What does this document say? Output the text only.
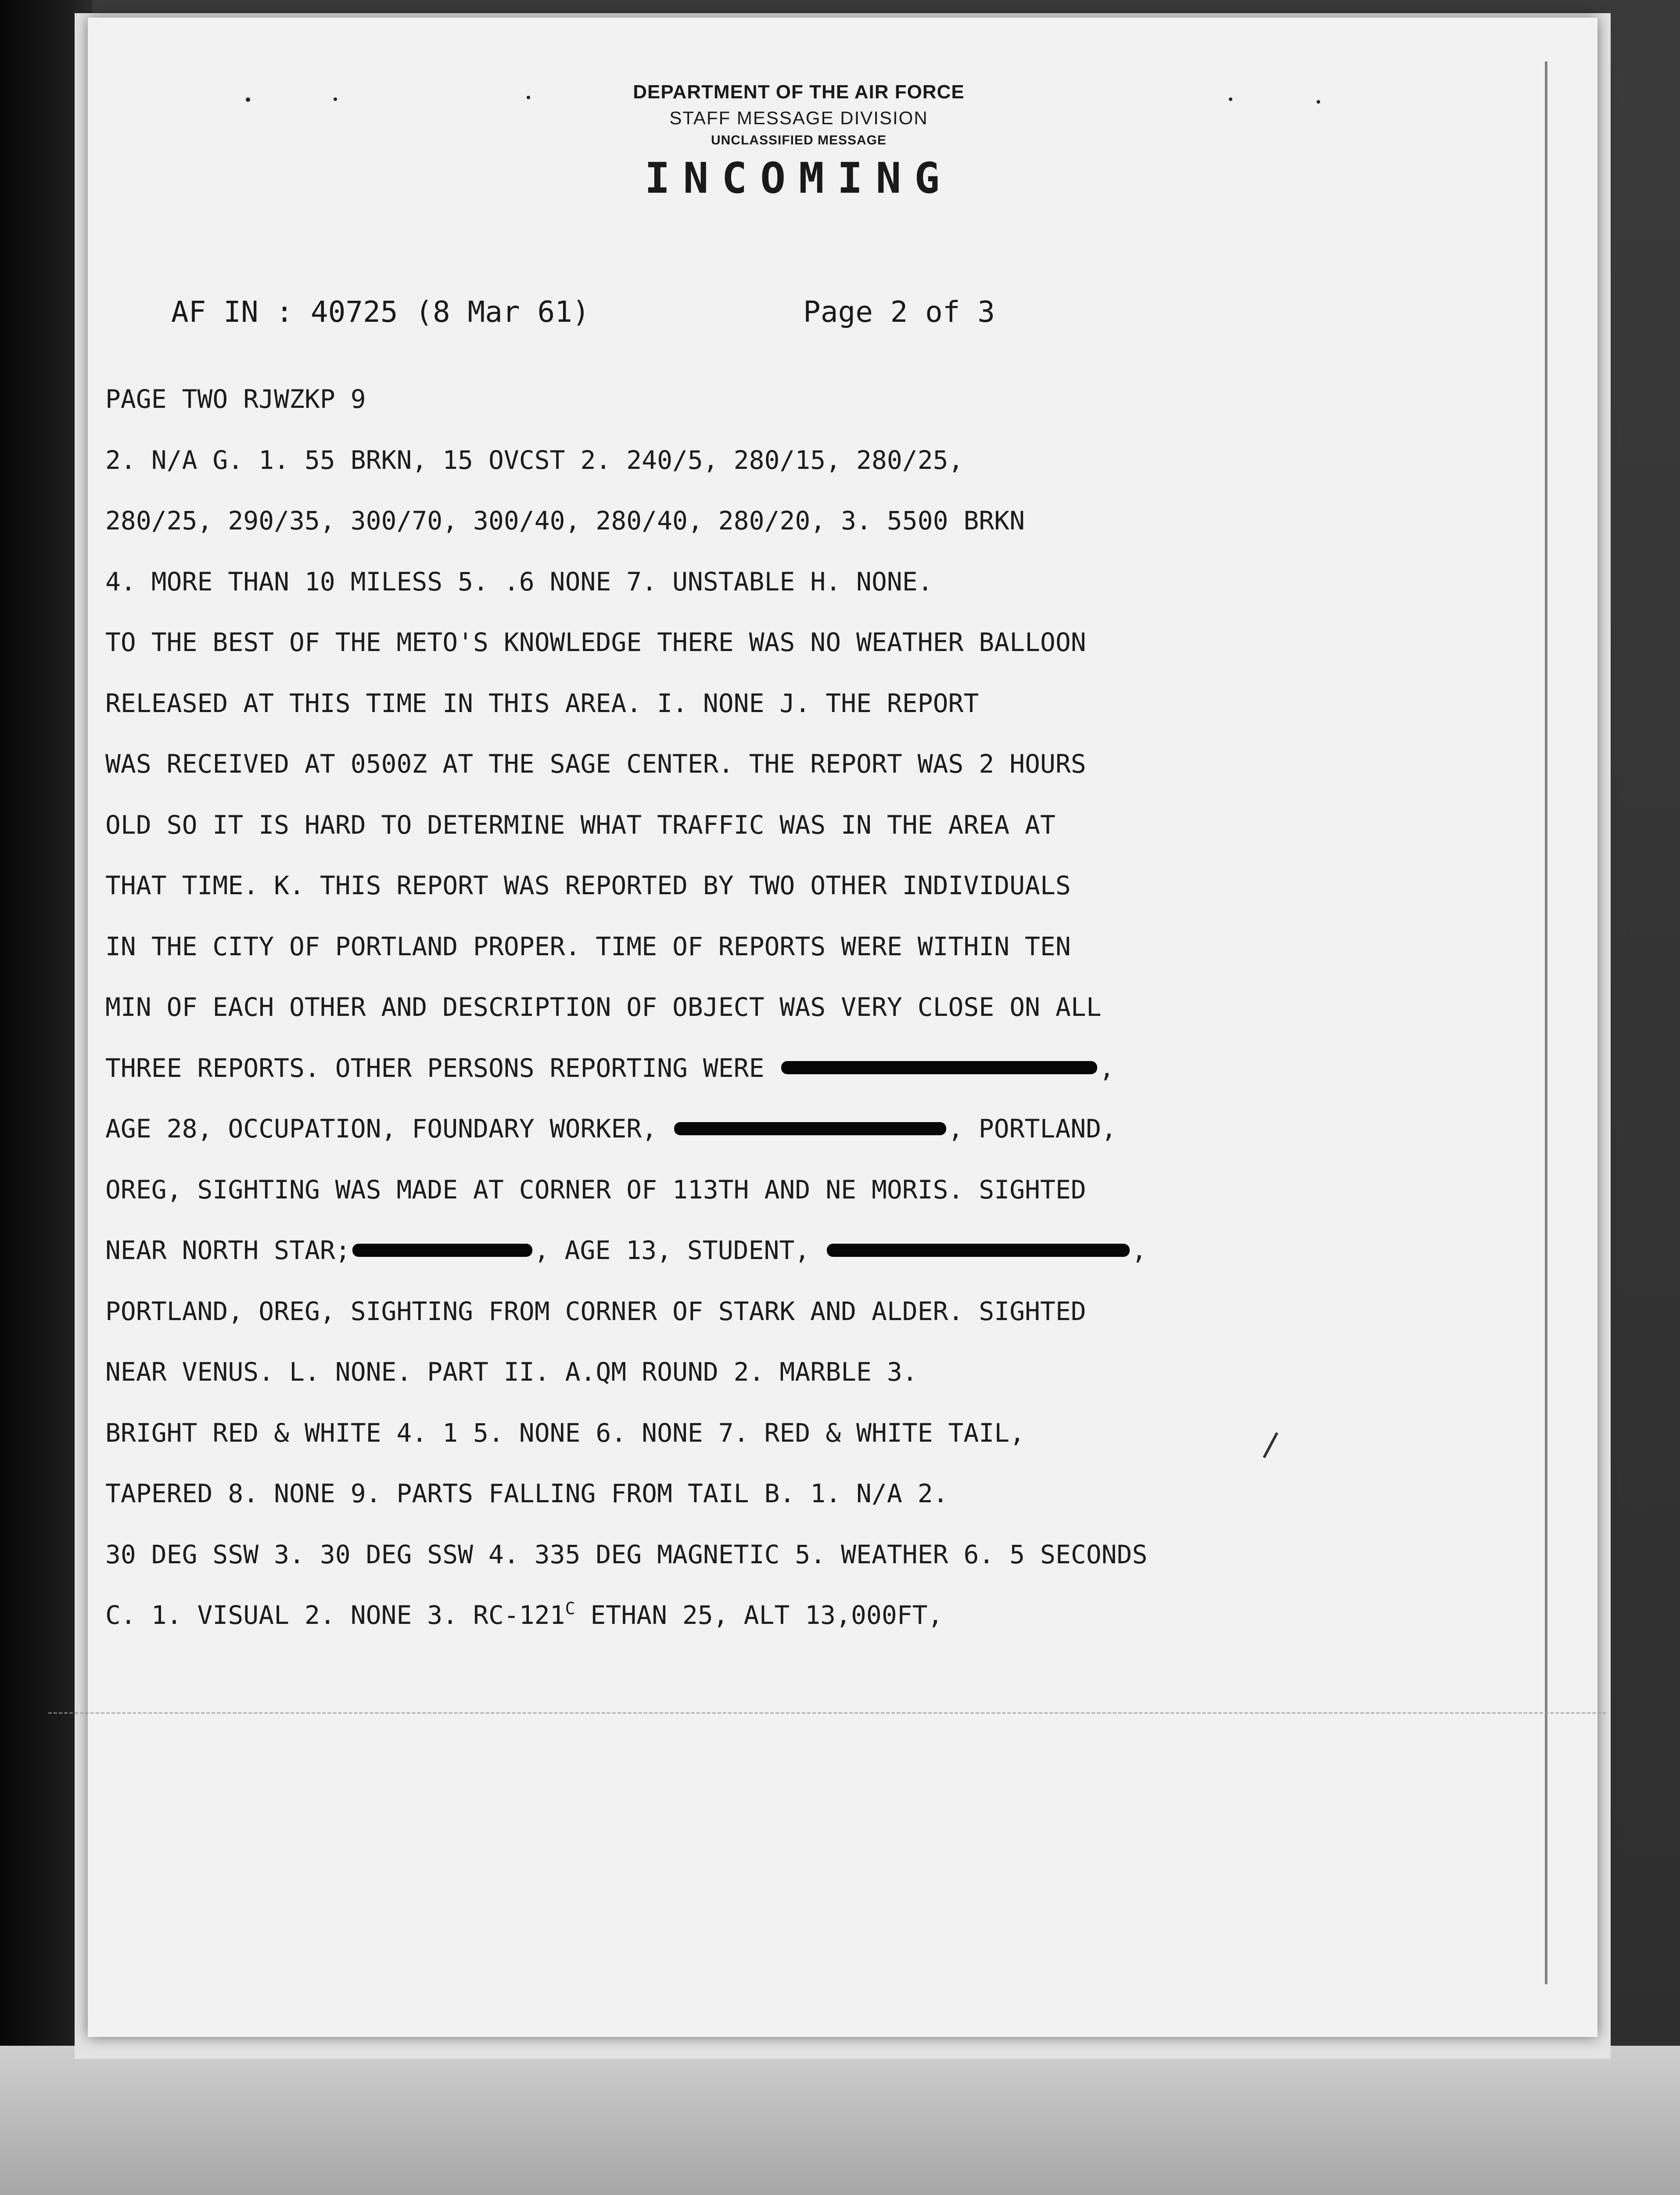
DEPARTMENT OF THE AIR FORCE
STAFF MESSAGE DIVISION
UNCLASSIFIED MESSAGE
INCOMING
AF IN : 40725 (8 Mar 61)	Page 2 of 3
PAGE TWO RJWZKP 9
2. N/A G. 1. 55 BRKN, 15 OVCST 2. 240/5, 280/15, 280/25,
280/25, 290/35, 300/70, 300/40, 280/40, 280/20, 3. 5500 BRKN
4. MORE THAN 10 MILESS 5. .6 NONE 7. UNSTABLE H. NONE.
TO THE BEST OF THE METO'S KNOWLEDGE THERE WAS NO WEATHER BALLOON
RELEASED AT THIS TIME IN THIS AREA. I. NONE J. THE REPORT
WAS RECEIVED AT 0500Z AT THE SAGE CENTER. THE REPORT WAS 2 HOURS
OLD SO IT IS HARD TO DETERMINE WHAT TRAFFIC WAS IN THE AREA AT
THAT TIME. K. THIS REPORT WAS REPORTED BY TWO OTHER INDIVIDUALS
IN THE CITY OF PORTLAND PROPER. TIME OF REPORTS WERE WITHIN TEN
MIN OF EACH OTHER AND DESCRIPTION OF OBJECT WAS VERY CLOSE ON ALL
THREE REPORTS. OTHER PERSONS REPORTING WERE	,
AGE 28, OCCUPATION, FOUNDARY WORKER,	, PORTLAND,
OREG, SIGHTING WAS MADE AT CORNER OF 113TH AND NE MORIS. SIGHTED
NEAR NORTH STAR;	, AGE 13, STUDENT,	,
PORTLAND, OREG, SIGHTING FROM CORNER OF STARK AND ALDER. SIGHTED
NEAR VENUS. L. NONE. PART II. A.QM ROUND 2. MARBLE 3.
BRIGHT RED & WHITE 4. 1 5. NONE 6. NONE 7. RED & WHITE TAIL,
TAPERED 8. NONE 9. PARTS FALLING FROM TAIL B. 1. N/A 2.
30 DEG SSW 3. 30 DEG SSW 4. 335 DEG MAGNETIC 5. WEATHER 6. 5 SECONDS
C. 1. VISUAL 2. NONE 3. $RC-121^C$ ETHAN 25, ALT 13,000FT,
